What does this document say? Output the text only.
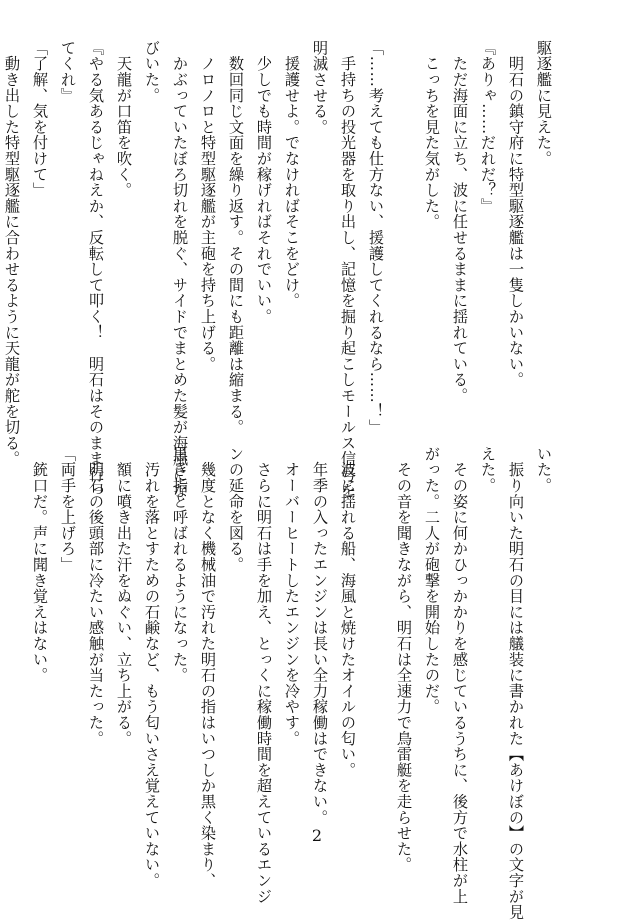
駆逐艦に見えた。
　明石の鎮守府に特型駆逐艦は一隻しかいない。
『ありゃ……だれだ？』
　ただ海面に立ち、波に任せるままに揺れている。
　こっちを見た気がした。

「……考えても仕方ない、援護してくれるなら……！」
　手持ちの投光器を取り出し、記憶を掘り起こしモールス信号を
明滅させる。
　援護せよ。でなければそこをどけ。
　少しでも時間が稼げればそれでいい。
　数回同じ文面を繰り返す。その間にも距離は縮まる。
　ノロノロと特型駆逐艦が主砲を持ち上げる。
　かぶっていたぼろ切れを脱ぐ、サイドでまとめた髪が海風にな
びいた。
　天龍が口笛を吹く。
『やる気あるじゃねえか、反転して叩く！　明石はそのまま行っ
てくれ』
「了解、気を付けて」
　動き出した特型駆逐艦に合わせるように天龍が舵を切る。
いた。
　振り向いた明石の目には艤装に書かれた【あけぼの】の文字が見
えた。
　その姿に何かひっかかりを感じているうちに、後方で水柱が上
がった。二人が砲撃を開始したのだ。
　その音を聞きながら、明石は全速力で鳥雷艇を走らせた。

　波に揺れる船、海風と焼けたオイルの匂い。
　年季の入ったエンジンは長い全力稼働はできない。
　オーバーヒートしたエンジンを冷やす。
　さらに明石は手を加え、とっくに稼働時間を超えているエンジ
ンの延命を図る。
　幾度となく機械油で汚れた明石の指はいつしか黒く染まり、
黒き指と呼ばれるようになった。
　汚れを落とすための石鹸など、もう匂いさえ覚えていない。
　額に噴き出た汗をぬぐい、立ち上がる。
　明石の後頭部に冷たい感触が当たった。
「両手を上げろ」
　銃口だ。声に聞き覚えはない。
2
